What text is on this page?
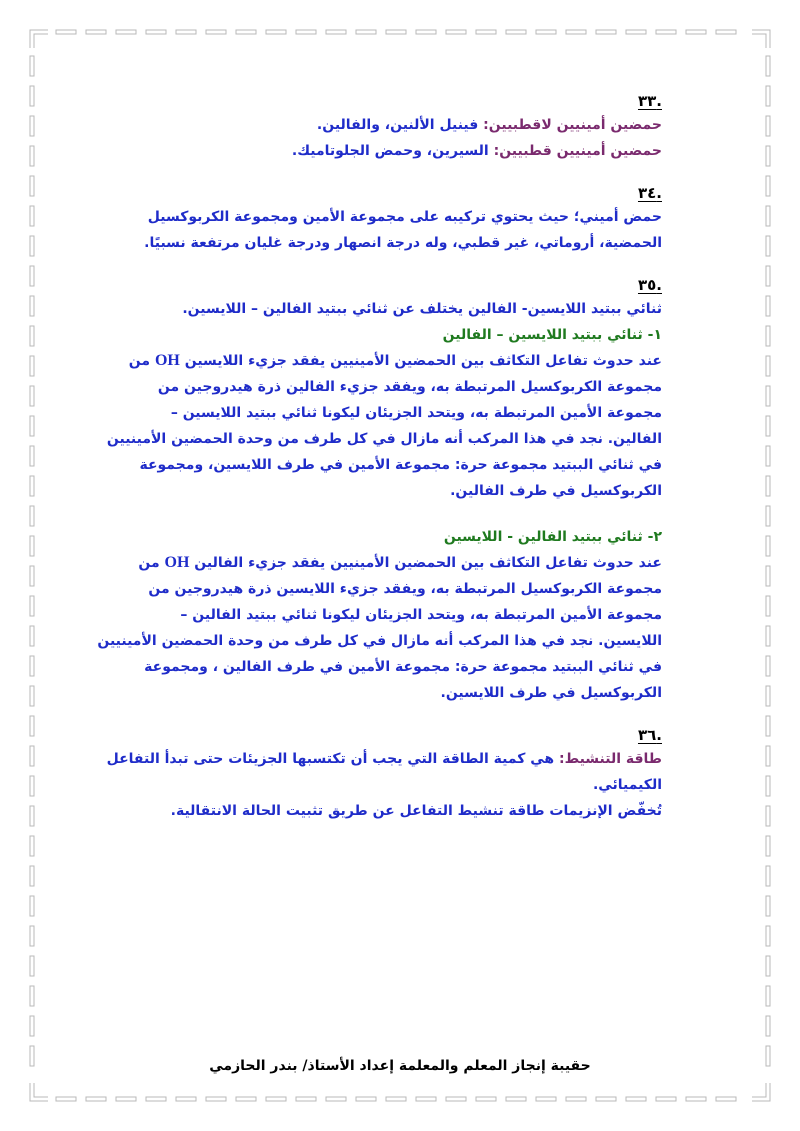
.٣٣
حمضين أمينيين لاقطبيين: فينيل الألنين، والفالين.
حمضين أمينيين قطبيين: السيرين، وحمض الجلوتاميك.
.٣٤
حمض أميني؛ حيث يحتوي تركيبه على مجموعة الأمين ومجموعة الكربوكسيل
الحمضية، أروماتي، غير قطبي، وله درجة انصهار ودرجة غليان مرتفعة نسبيًا.
.٣٥
ثنائي ببتيد اللايسين- الفالين يختلف عن ثنائي ببتيد الفالين – اللايسين.
١- ثنائي ببتيد اللايسين – الفالين
عند حدوث تفاعل التكاثف بين الحمضين الأمينيين يفقد جزيء اللايسين OH من
مجموعة الكربوكسيل المرتبطة به، ويفقد جزيء الفالين ذرة هيدروجين من
مجموعة الأمين المرتبطة به، ويتحد الجزيئان ليكونا ثنائي ببتيد اللايسين –
الفالين. نجد في هذا المركب أنه مازال في كل طرف من وحدة الحمضين الأمينيين
في ثنائي الببتيد مجموعة حرة: مجموعة الأمين في طرف اللايسين، ومجموعة
الكربوكسيل في طرف الفالين.
٢- ثنائي ببتيد الفالين - اللايسين
عند حدوث تفاعل التكاثف بين الحمضين الأمينيين يفقد جزيء الفالين OH من
مجموعة الكربوكسيل المرتبطة به، ويفقد جزيء اللايسين ذرة هيدروجين من
مجموعة الأمين المرتبطة به، ويتحد الجزيئان ليكونا ثنائي ببتيد الفالين –
اللايسين. نجد في هذا المركب أنه مازال في كل طرف من وحدة الحمضين الأمينيين
في ثنائي الببتيد مجموعة حرة: مجموعة الأمين في طرف الفالين ، ومجموعة
الكربوكسيل في طرف اللايسين.
.٣٦
طاقة التنشيط: هي كمية الطاقة التي يجب أن تكتسبها الجزيئات حتى تبدأ التفاعل
الكيميائي.
تُخفّض الإنزيمات طاقة تنشيط التفاعل عن طريق تثبيت الحالة الانتقالية.
حقيبة إنجاز المعلم والمعلمة إعداد الأستاذ/ بندر الحازمي
